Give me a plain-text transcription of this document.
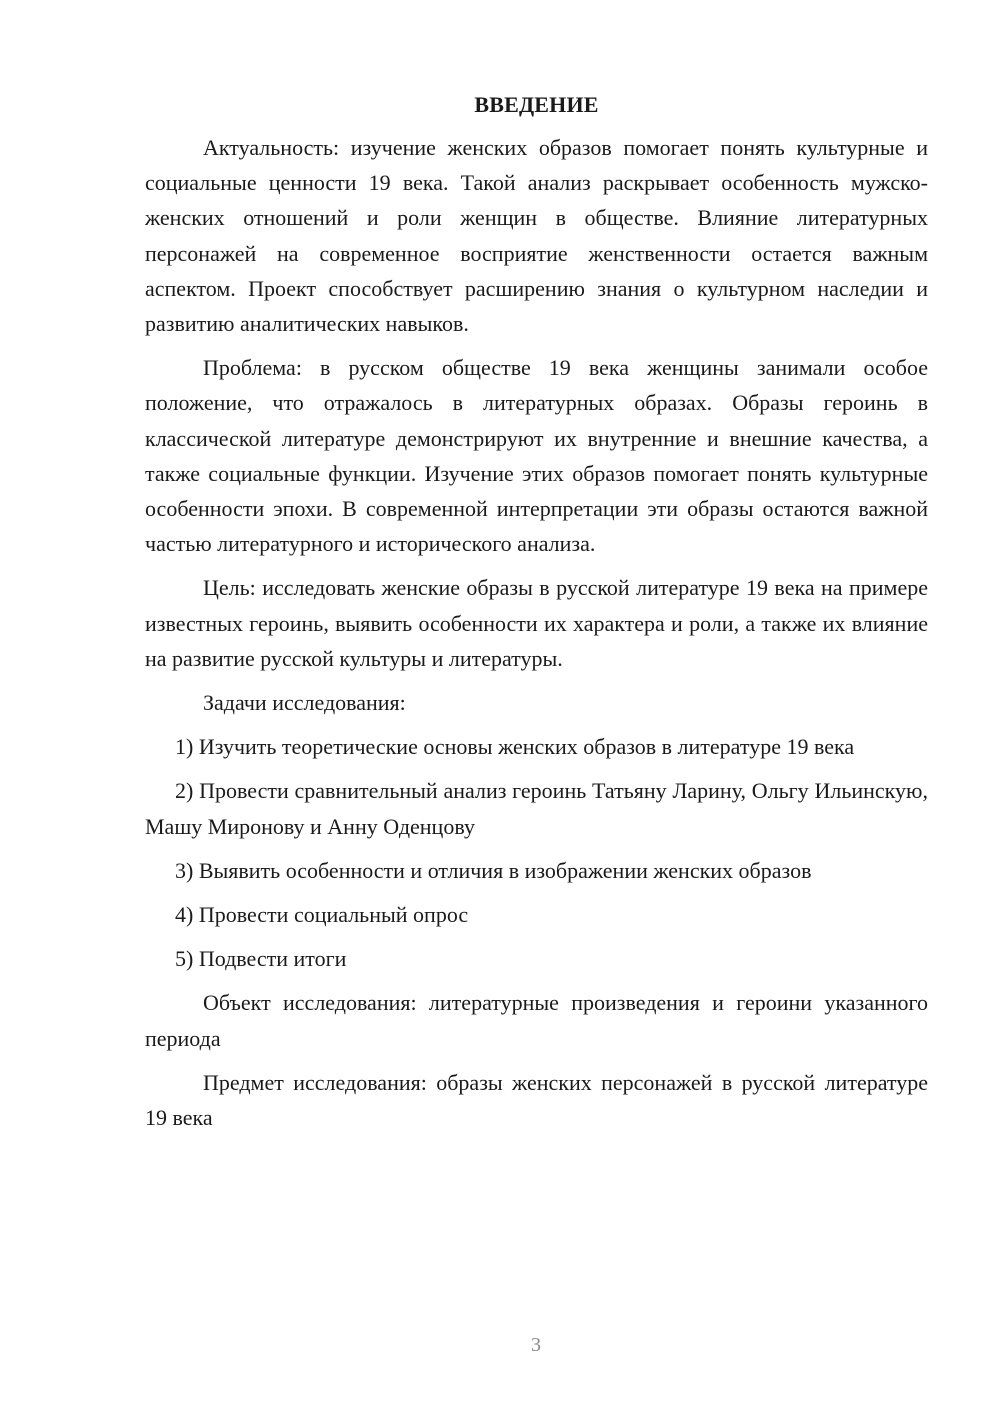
ВВЕДЕНИЕ

Актуальность: изучение женских образов помогает понять культурные и социальные ценности 19 века. Такой анализ раскрывает особенность мужско-женских отношений и роли женщин в обществе. Влияние литературных персонажей на современное восприятие женственности остается важным аспектом. Проект способствует расширению знания о культурном наследии и развитию аналитических навыков.

Проблема: в русском обществе 19 века женщины занимали особое положение, что отражалось в литературных образах. Образы героинь в классической литературе демонстрируют их внутренние и внешние качества, а также социальные функции. Изучение этих образов помогает понять культурные особенности эпохи. В современной интерпретации эти образы остаются важной частью литературного и исторического анализа.

Цель: исследовать женские образы в русской литературе 19 века на примере известных героинь, выявить особенности их характера и роли, а также их влияние на развитие русской культуры и литературы.

Задачи исследования:

1) Изучить теоретические основы женских образов в литературе 19 века

2) Провести сравнительный анализ героинь Татьяну Ларину, Ольгу Ильинскую, Машу Миронову и Анну Оденцову

3) Выявить особенности и отличия в изображении женских образов

4) Провести социальный опрос

5) Подвести итоги

Объект исследования: литературные произведения и героини указанного периода

Предмет исследования: образы женских персонажей в русской литературе 19 века

3
